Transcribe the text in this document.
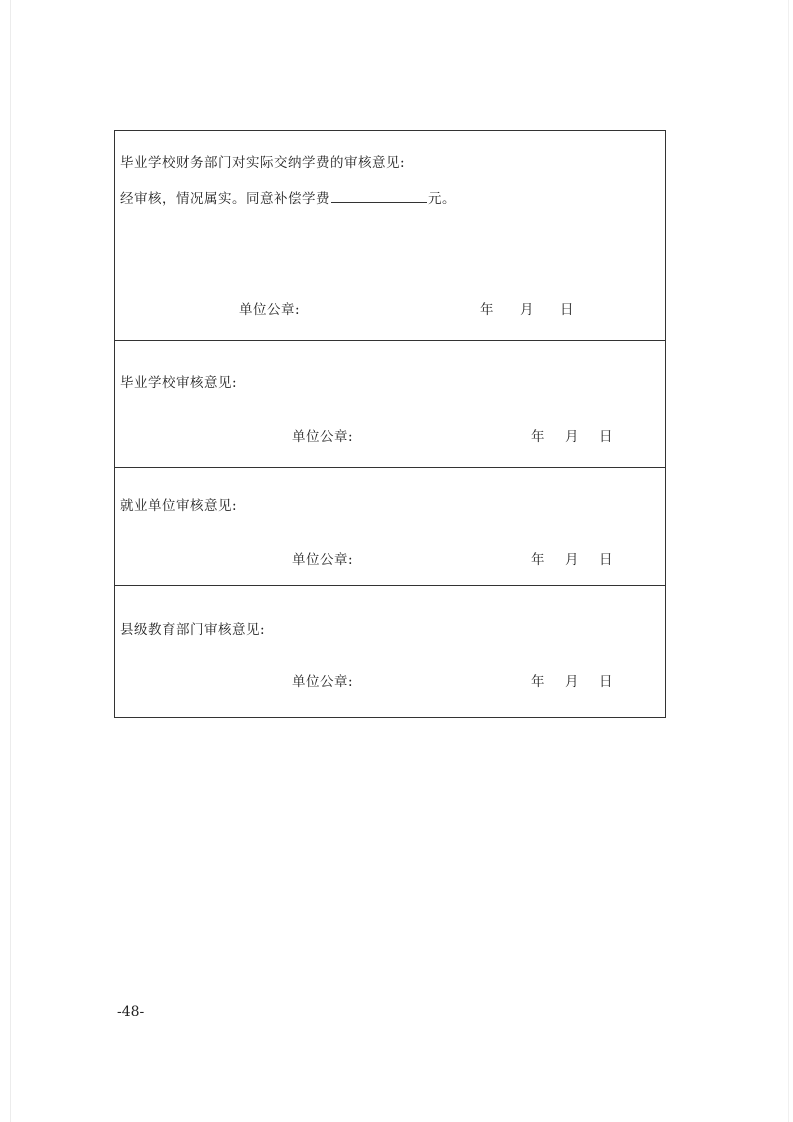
毕业学校财务部门对实际交纳学费的审核意见:
经审核，情况属实。同意补偿学费	元。
单位公章:	年 月 日
毕业学校审核意见:
单位公章:	年 月 日
就业单位审核意见:
单位公章:	年 月 日
县级教育部门审核意见:
单位公章:	年 月 日
-48-
